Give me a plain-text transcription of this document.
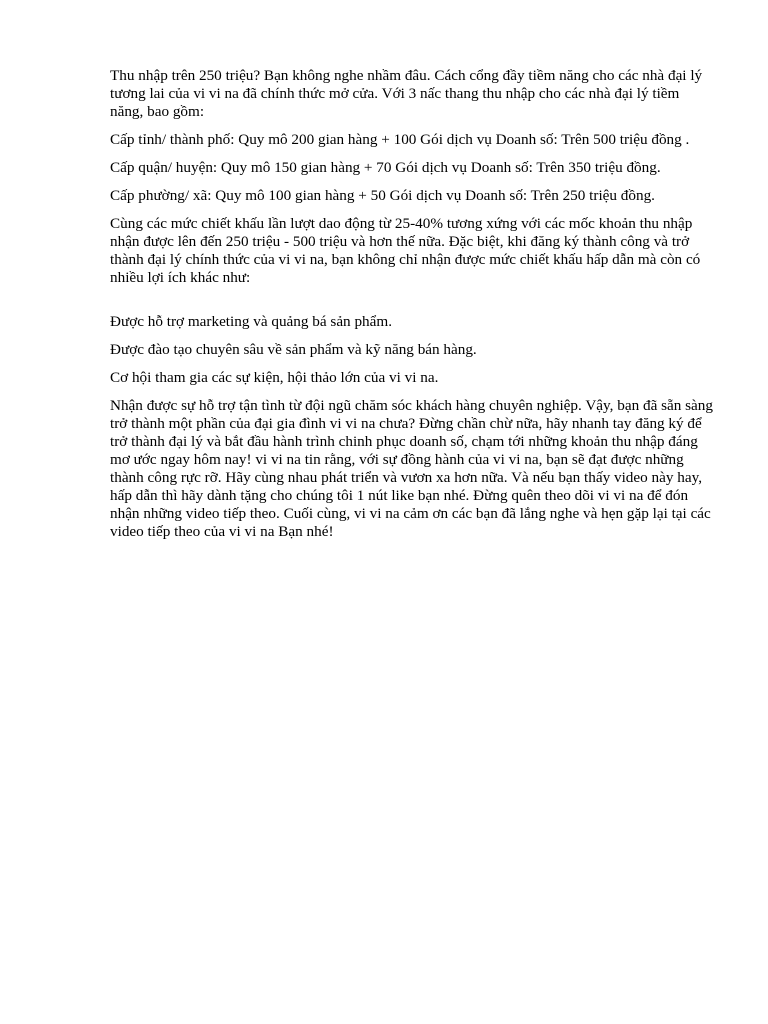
Thu nhập trên 250 triệu? Bạn không nghe nhầm đâu. Cách cổng đầy tiềm năng cho các nhà đại lý tương lai của vi vi na đã chính thức mở cửa. Với 3 nấc thang thu nhập cho các nhà đại lý tiềm năng, bao gồm:

Cấp tỉnh/ thành phố: Quy mô 200 gian hàng + 100 Gói dịch vụ Doanh số: Trên 500 triệu đồng .

Cấp quận/ huyện: Quy mô 150 gian hàng + 70 Gói dịch vụ Doanh số: Trên 350 triệu đồng.

Cấp phường/ xã: Quy mô 100 gian hàng + 50 Gói dịch vụ Doanh số: Trên 250 triệu đồng.

Cùng các mức chiết khấu lần lượt dao động từ 25-40% tương xứng với các mốc khoản thu nhập nhận được lên đến 250 triệu - 500 triệu và hơn thế nữa. Đặc biệt, khi đăng ký thành công và trở thành đại lý chính thức của vi vi na, bạn không chỉ nhận được mức chiết khấu hấp dẫn mà còn có nhiều lợi ích khác như:

Được hỗ trợ marketing và quảng bá sản phẩm.

Được đào tạo chuyên sâu về sản phẩm và kỹ năng bán hàng.

Cơ hội tham gia các sự kiện, hội thảo lớn của vi vi na.

Nhận được sự hỗ trợ tận tình từ đội ngũ chăm sóc khách hàng chuyên nghiệp. Vậy, bạn đã sẵn sàng trở thành một phần của đại gia đình vi vi na chưa? Đừng chần chừ nữa, hãy nhanh tay đăng ký để trở thành đại lý và bắt đầu hành trình chinh phục doanh số, chạm tới những khoản thu nhập đáng mơ ước ngay hôm nay! vi vi na tin rằng, với sự đồng hành của vi vi na, bạn sẽ đạt được những thành công rực rỡ. Hãy cùng nhau phát triển và vươn xa hơn nữa. Và nếu bạn thấy video này hay, hấp dẫn thì hãy dành tặng cho chúng tôi 1 nút like bạn nhé. Đừng quên theo dõi vi vi na để đón nhận những video tiếp theo. Cuối cùng, vi vi na cảm ơn các bạn đã lắng nghe và hẹn gặp lại tại các video tiếp theo của vi vi na Bạn nhé!
